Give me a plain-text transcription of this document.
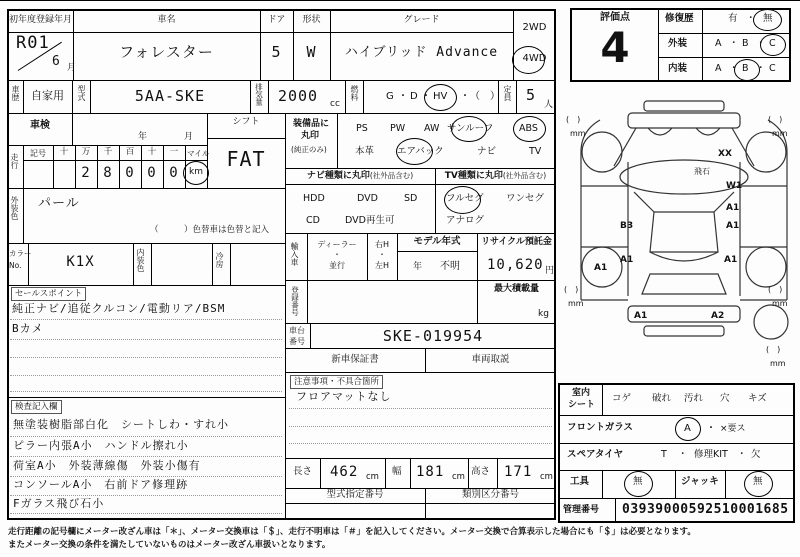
初年度登録年月	車名	ドア	形状	グレード
R01
6 月
フォレスター	5	W	ハイブリッド Advance
2WD
4WD
車歴	自家用	型式	5AA-SKE	排気量 2000	cc
燃料	G ・ D ・ HV ・ （　） 定員 5
人
車検
年	月
シフト
FAT
走行	記号	十	万	千	百	十	一	マイル
2 8 0 0 0	km
外装色 パール
（　　　）色替車は色替と記入
カラー
No.	K1X	内装色	冷房
セールスポイント
純正ナビ/追従クルコン/電動リア/BSM
Bカメ
検査記入欄
無塗装樹脂部白化　シートしわ・すれ小
ピラー内張A小　ハンドル擦れ小
荷室A小　外装薄線傷　外装小傷有
コンソールA小　右前ドア修理跡
Fガラス飛び石小
装備品に
丸印
(純正のみ)
PS PW AW サンルーフ	ABS
本革 エアバック	ナビ	TV
ナビ種類に丸印(社外品含む)	TV種類に丸印(社外品含む)
HDD	DVD	SD
CD	DVD再生可
フルセグ ワンセグ
アナログ
輸入車	ディーラー
・
並行
右H
・
左H
モデル年式
年 不明
リサイクル預託金
10,620 円
登録番号	最大積載量
kg
車台
番号	SKE-019954
新車保証書	車両取説
注意事項・不具合箇所
フロアマットなし
長さ 462 cm 幅 181 cm 高さ 171 cm
型式指定番号	類別区分番号
評価点
4
修復歴	有 ・ 無
外装	A ・ B ・ C
内装	A ・ B ・ C
XX
飛石
W1
A1
B3	A1
A1
A1	A1
A1	A2
(　)
mm
(　)
mm
(　)
mm
(　)
mm
(　)
mm
室内
シート
コゲ 破れ 汚れ 穴 キズ
フロントガラス	A ・ ×要ス
スペアタイヤ	T ・ 修理KIT ・ 欠
工具	無	ジャッキ	無
管理番号 03939000592510001685
走行距離の記号欄にメーター改ざん車は「＊」、メーター交換車は「＄」、走行不明車は「＃」を記入してください。メーター交換で合算表示した場合にも「＄」は必要となります。
またメーター交換の条件を満たしていないものはメーター改ざん車扱いとなります。
